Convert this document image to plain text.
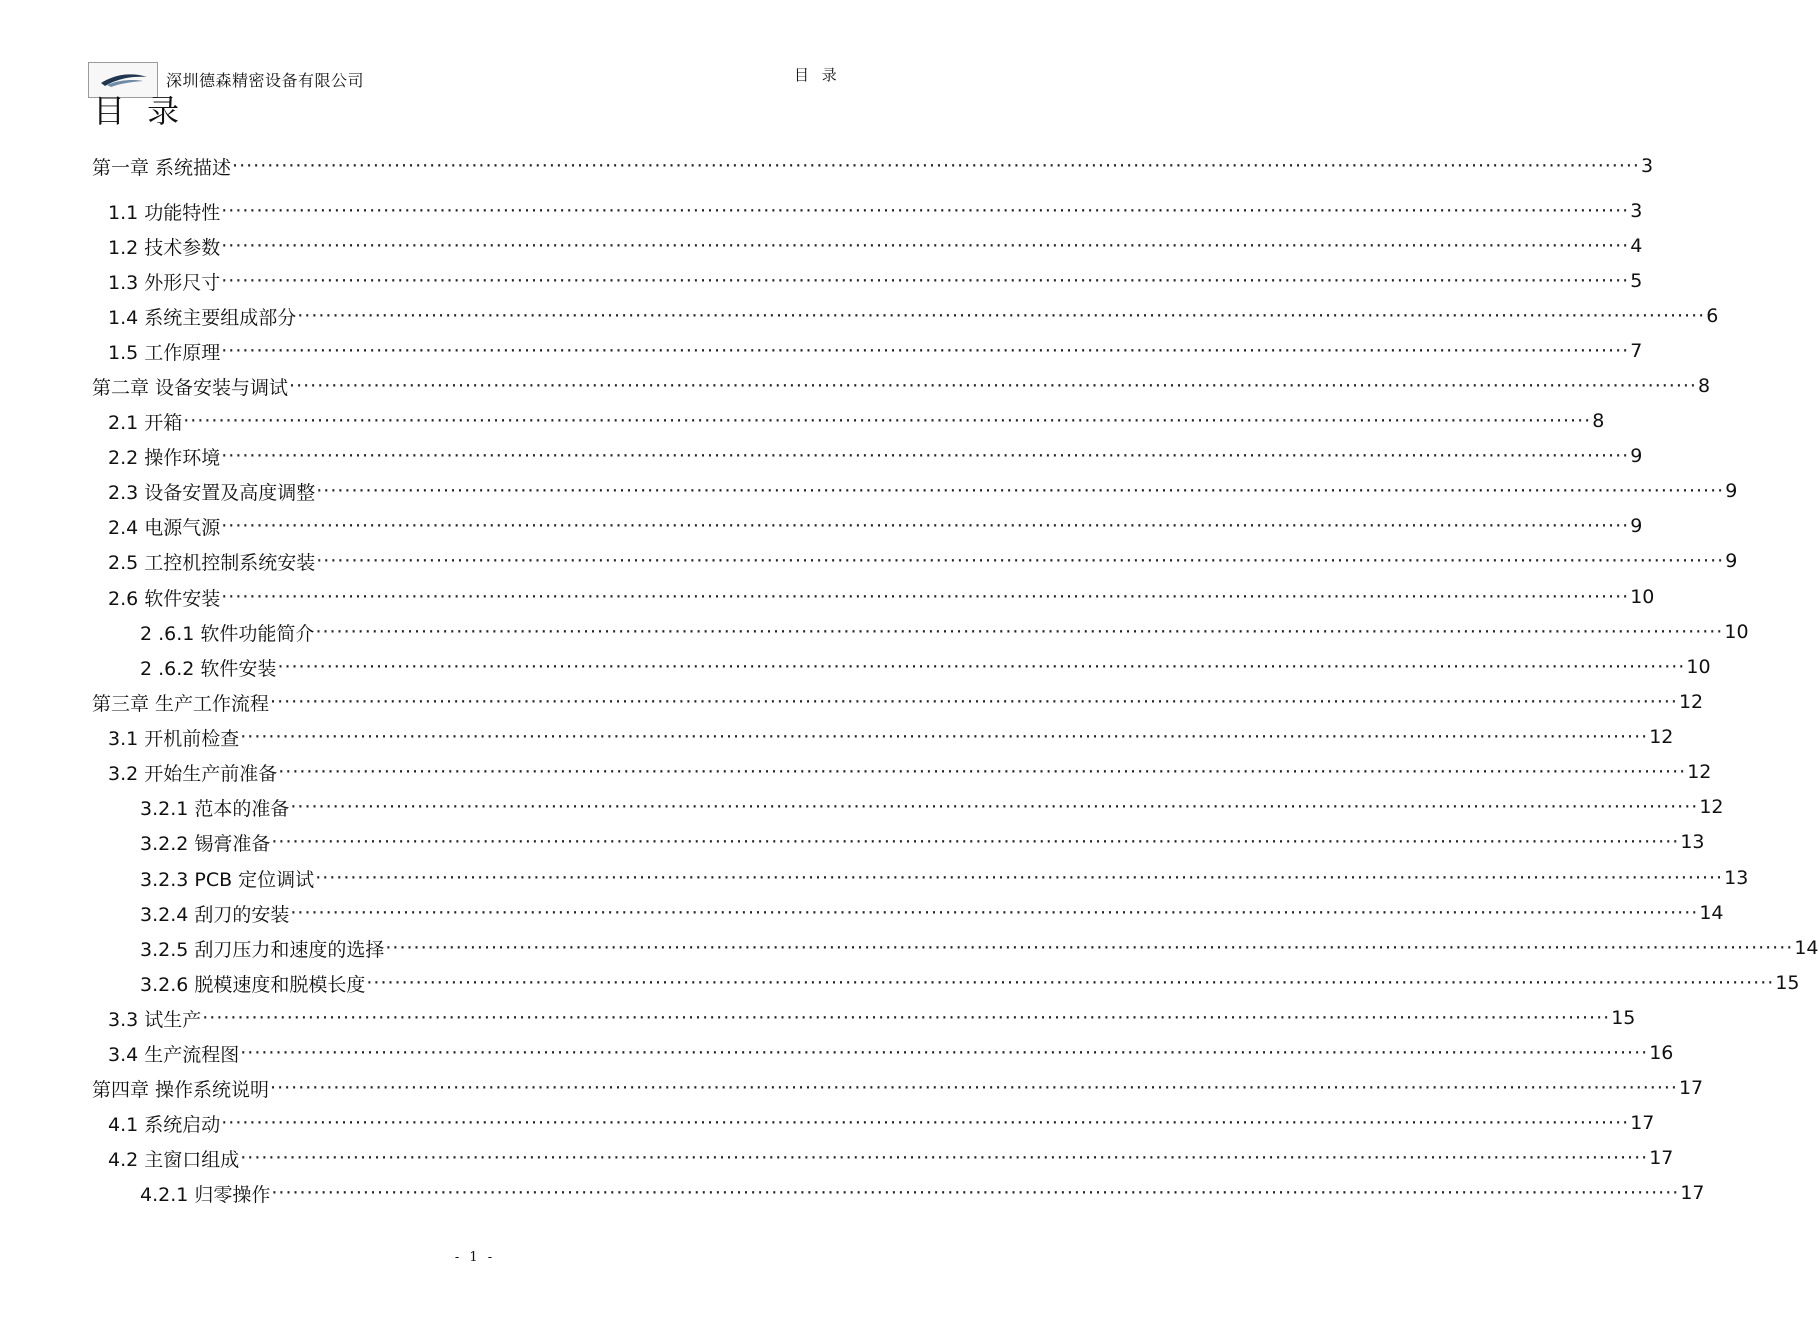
深圳德森精密设备有限公司	目 录
目 录
第一章 系统描述 ········································································································································································································ 3
1.1 功能特性 ········································································································································································································ 3
1.2 技术参数 ········································································································································································································ 4
1.3 外形尺寸 ········································································································································································································ 5
1.4 系统主要组成部分 ········································································································································································································ 6
1.5 工作原理 ········································································································································································································ 7
第二章 设备安装与调试 ········································································································································································································ 8
2.1 开箱 ········································································································································································································ 8
2.2 操作环境 ········································································································································································································ 9
2.3 设备安置及高度调整 ········································································································································································································ 9
2.4 电源气源 ········································································································································································································ 9
2.5 工控机控制系统安装 ········································································································································································································ 9
2.6 软件安装 ········································································································································································································ 10
2 .6.1 软件功能简介 ········································································································································································································ 10
2 .6.2 软件安装 ········································································································································································································ 10
第三章 生产工作流程 ········································································································································································································ 12
3.1 开机前检查 ········································································································································································································ 12
3.2 开始生产前准备 ········································································································································································································ 12
3.2.1 范本的准备 ········································································································································································································ 12
3.2.2 锡膏准备 ········································································································································································································ 13
3.2.3 PCB 定位调试 ········································································································································································································ 13
3.2.4 刮刀的安装 ········································································································································································································ 14
3.2.5 刮刀压力和速度的选择 ········································································································································································································ 14
3.2.6 脱模速度和脱模长度 ········································································································································································································ 15
3.3 试生产 ········································································································································································································ 15
3.4 生产流程图 ········································································································································································································ 16
第四章 操作系统说明 ········································································································································································································ 17
4.1 系统启动 ········································································································································································································ 17
4.2 主窗口组成 ········································································································································································································ 17
4.2.1 归零操作 ········································································································································································································ 17
- 1 -
